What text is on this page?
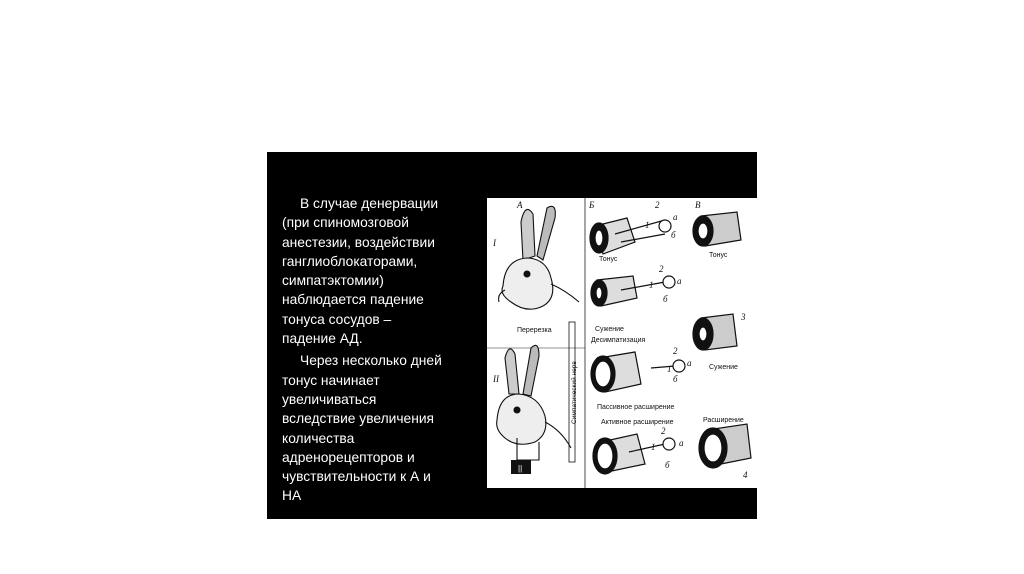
В случае денервации
(при спиномозговой
анестезии, воздействии
ганглиоблокаторами,
симпатэктомии)
наблюдается падение
тонуса сосудов –
падение АД.

Через несколько дней
тонус начинает
увеличиваться
вследствие увеличения
количества
адренорецепторов и
чувствительности к А и
НА

||
А	Б	В
I
II
2
1
а
б
2
1	а
б
2
1
а
б
2
1	а
б
3
4
Перерезка
Симпатический нерв
Тонус
Тонус
Сужение
Десимпатизация
Сужение
Пассивное расширение
Активное расширение	Расширение
